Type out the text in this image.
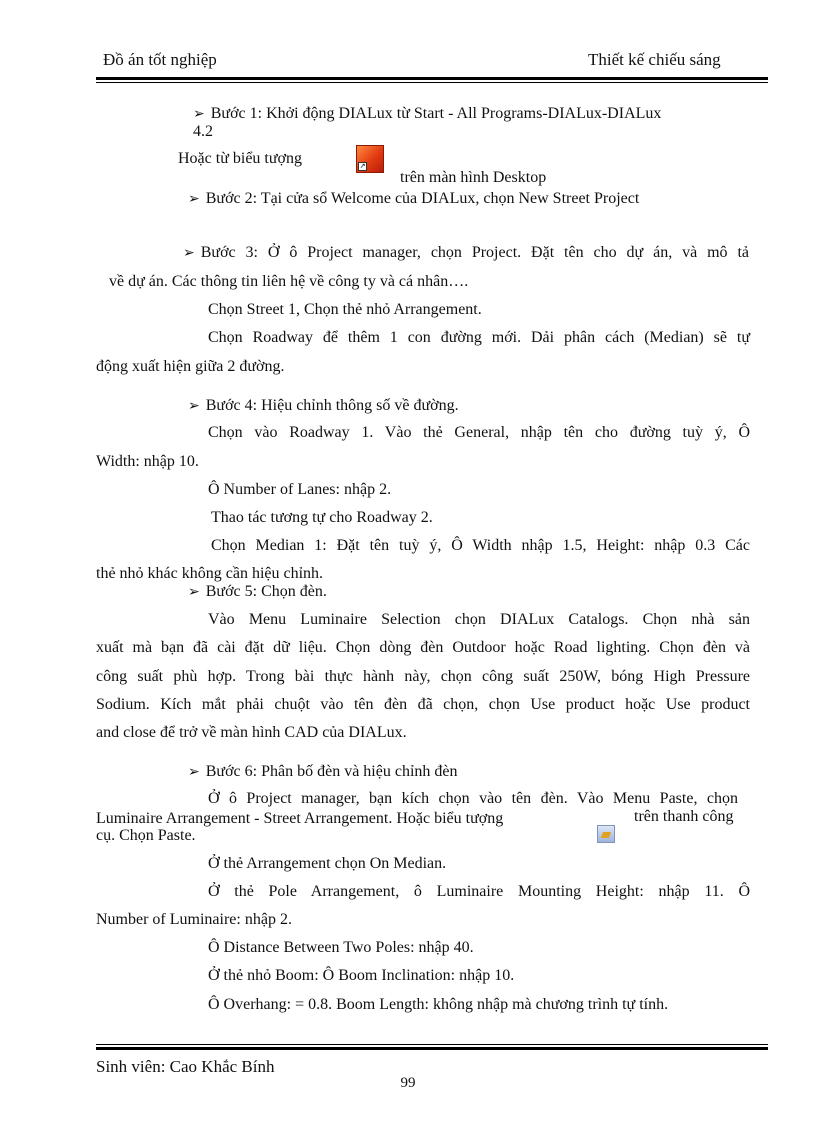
Đồ án tốt nghiệp	Thiết kế chiếu sáng
➢ Bước 1: Khởi động DIALux từ Start - All Programs-DIALux-DIALux
4.2
Hoặc từ biểu tượng	↗
trên màn hình Desktop
➢ Bước 2: Tại cửa sổ Welcome của DIALux, chọn New Street Project
➢ Bước 3: Ở ô Project manager, chọn Project. Đặt tên cho dự án, và mô tả
về dự án. Các thông tin liên hệ về công ty và cá nhân….
Chọn Street 1, Chọn thẻ nhỏ Arrangement.
Chọn Roadway để thêm 1 con đường mới. Dải phân cách (Median) sẽ tự
động xuất hiện giữa 2 đường.
➢ Bước 4: Hiệu chỉnh thông số về đường.
Chọn vào Roadway 1. Vào thẻ General, nhập tên cho đường tuỳ ý, Ô
Width: nhập 10.
Ô Number of Lanes: nhập 2.
Thao tác tương tự cho Roadway 2.
Chọn Median 1: Đặt tên tuỳ ý, Ô Width nhập 1.5, Height: nhập 0.3 Các
thẻ nhỏ khác không cần hiệu chỉnh.
➢ Bước 5: Chọn đèn.
Vào Menu Luminaire Selection chọn DIALux Catalogs. Chọn nhà sản
xuất mà bạn đã cài đặt dữ liệu. Chọn dòng đèn Outdoor hoặc Road lighting. Chọn đèn và
công suất phù hợp. Trong bài thực hành này, chọn công suất 250W, bóng High Pressure
Sodium. Kích mắt phải chuột vào tên đèn đã chọn, chọn Use product hoặc Use product
and close để trở về màn hình CAD của DIALux.
➢ Bước 6: Phân bố đèn và hiệu chỉnh đèn
Ở ô Project manager, bạn kích chọn vào tên đèn. Vào Menu Paste, chọn
Luminaire Arrangement - Street Arrangement. Hoặc biểu tượng	trên thanh công
cụ. Chọn Paste.
Ở thẻ Arrangement chọn On Median.
Ở thẻ Pole Arrangement, ô Luminaire Mounting Height: nhập 11. Ô
Number of Luminaire: nhập 2.
Ô Distance Between Two Poles: nhập 40.
Ở thẻ nhỏ Boom: Ô Boom Inclination: nhập 10.
Ô Overhang: = 0.8. Boom Length: không nhập mà chương trình tự tính.
Sinh viên: Cao Khắc Bính
99
